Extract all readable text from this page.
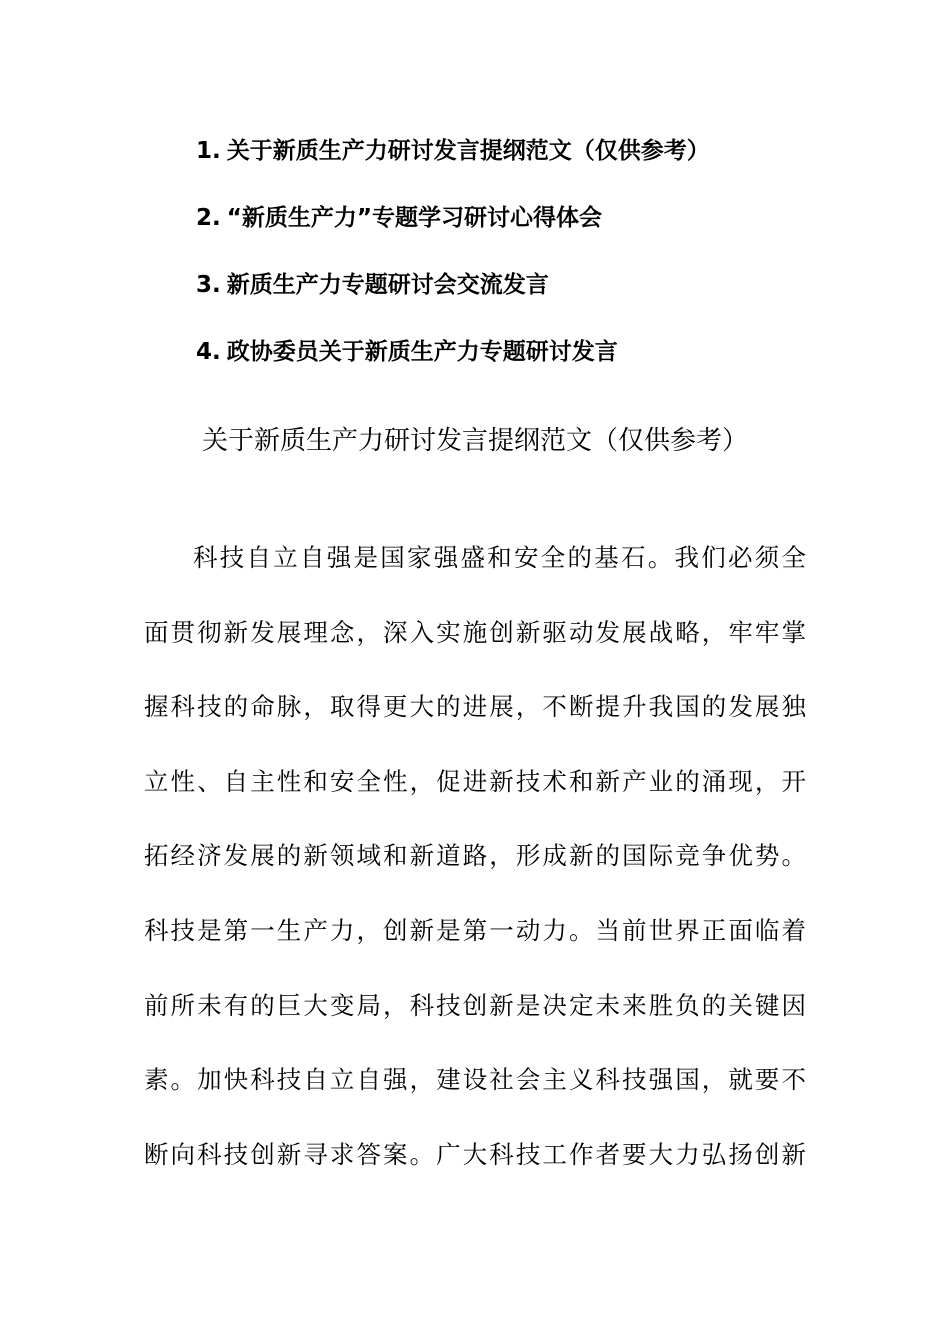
1. 关于新质生产力研讨发言提纲范文（仅供参考）
2. “新质生产力”专题学习研讨心得体会
3. 新质生产力专题研讨会交流发言
4. 政协委员关于新质生产力专题研讨发言
关于新质生产力研讨发言提纲范文（仅供参考）
科技自立自强是国家强盛和安全的基石。我们必须全
面贯彻新发展理念，深入实施创新驱动发展战略，牢牢掌
握科技的命脉，取得更大的进展，不断提升我国的发展独
立性、自主性和安全性，促进新技术和新产业的涌现，开
拓经济发展的新领域和新道路，形成新的国际竞争优势。
科技是第一生产力，创新是第一动力。当前世界正面临着
前所未有的巨大变局，科技创新是决定未来胜负的关键因
素。加快科技自立自强，建设社会主义科技强国，就要不
断向科技创新寻求答案。广大科技工作者要大力弘扬创新
